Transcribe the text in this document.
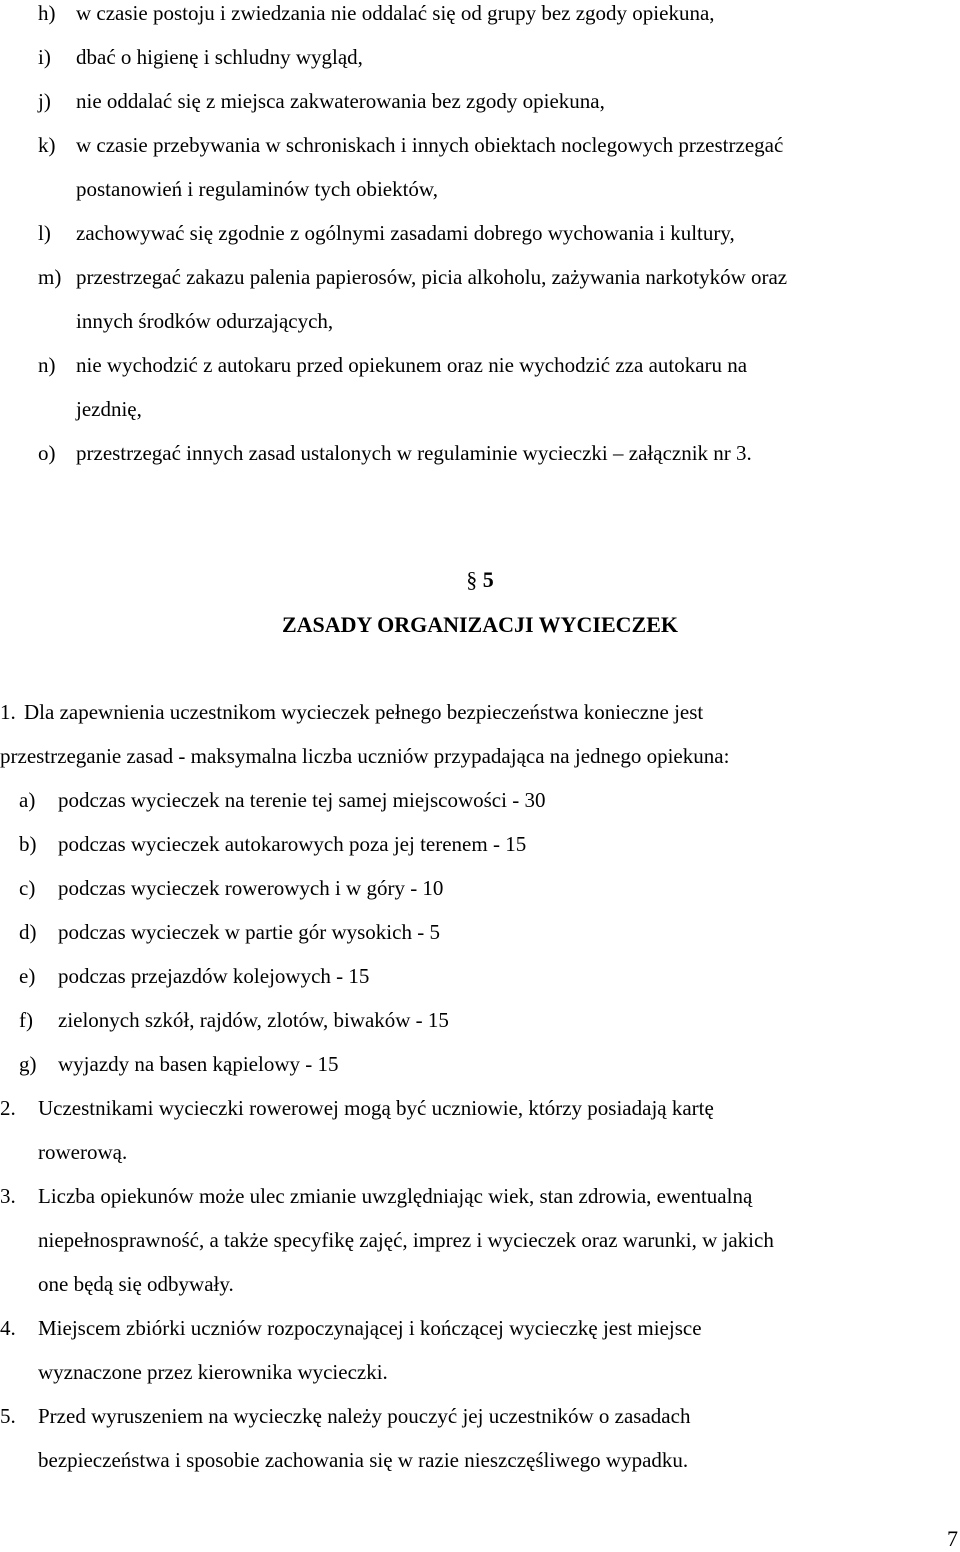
h) w czasie postoju i zwiedzania nie oddalać się od grupy bez zgody opiekuna,
i) dbać o higienę i schludny wygląd,
j) nie oddalać się z miejsca zakwaterowania bez zgody opiekuna,
k) w czasie przebywania w schroniskach i innych obiektach noclegowych przestrzegać
postanowień i regulaminów tych obiektów,
l) zachowywać się zgodnie z ogólnymi zasadami dobrego wychowania i kultury,
m) przestrzegać zakazu palenia papierosów, picia alkoholu, zażywania narkotyków oraz
innych środków odurzających,
n) nie wychodzić z autokaru przed opiekunem oraz nie wychodzić zza autokaru na
jezdnię,
o) przestrzegać innych zasad ustalonych w regulaminie wycieczki – załącznik nr 3.
1. Dla zapewnienia uczestnikom wycieczek pełnego bezpieczeństwa konieczne jest
przestrzeganie zasad - maksymalna liczba uczniów przypadająca na jednego opiekuna:
a) podczas wycieczek na terenie tej samej miejscowości - 30
b) podczas wycieczek autokarowych poza jej terenem - 15
c) podczas wycieczek rowerowych i w góry - 10
d) podczas wycieczek w partie gór wysokich - 5
e) podczas przejazdów kolejowych - 15
f) zielonych szkół, rajdów, zlotów, biwaków - 15
g) wyjazdy na basen kąpielowy - 15
2. Uczestnikami wycieczki rowerowej mogą być uczniowie, którzy posiadają kartę
rowerową.
3. Liczba opiekunów może ulec zmianie uwzględniając wiek, stan zdrowia, ewentualną
niepełnosprawność, a także specyfikę zajęć, imprez i wycieczek oraz warunki, w jakich
one będą się odbywały.
4. Miejscem zbiórki uczniów rozpoczynającej i kończącej wycieczkę jest miejsce
wyznaczone przez kierownika wycieczki.
5. Przed wyruszeniem na wycieczkę należy pouczyć jej uczestników o zasadach
bezpieczeństwa i sposobie zachowania się w razie nieszczęśliwego wypadku.
§ 5
ZASADY ORGANIZACJI WYCIECZEK
7
